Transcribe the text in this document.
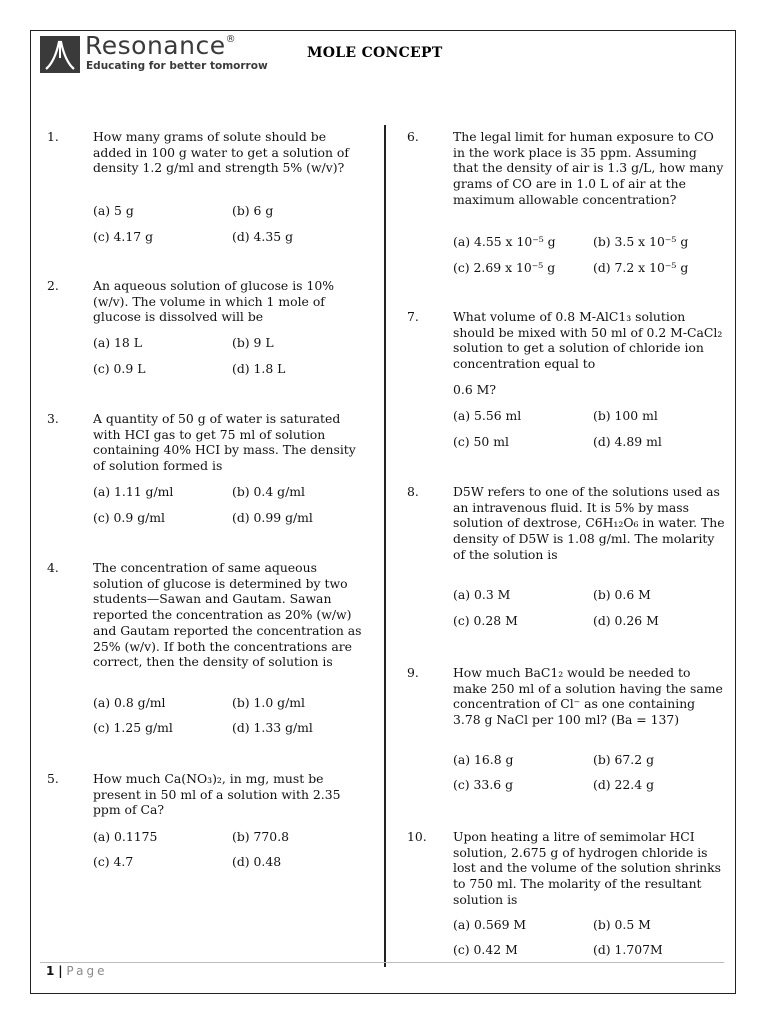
Resonance®
Educating for better tomorrow
MOLE CONCEPT
1.	How many grams of solute should be added in 100 g water to get a solution of density 1.2 g/ml and strength 5% (w/v)?
(a) 5 g	(b) 6 g
(c) 4.17 g	(d) 4.35 g
2.	An aqueous solution of glucose is 10% (w/v). The volume in which 1 mole of glucose is dissolved will be
(a) 18 L	(b) 9 L
(c) 0.9 L	(d) 1.8 L
3.	A quantity of 50 g of water is saturated with HCI gas to get 75 ml of solution containing 40% HCI by mass. The density of solution formed is
(a) 1.11 g/ml	(b) 0.4 g/ml
(c) 0.9 g/ml	(d) 0.99 g/ml
4.	The concentration of same aqueous solution of glucose is determined by two students—Sawan and Gautam. Sawan reported the concentration as 20% (w/w) and Gautam reported the concentration as 25% (w/v). If both the concentrations are correct, then the density of solution is
(a) 0.8 g/ml	(b) 1.0 g/ml
(c) 1.25 g/ml	(d) 1.33 g/ml
5.	How much Ca(NO₃)₂, in mg, must be present in 50 ml of a solution with 2.35 ppm of Ca?
(a) 0.1175	(b) 770.8
(c) 4.7	(d) 0.48
6.	The legal limit for human exposure to CO in the work place is 35 ppm. Assuming that the density of air is 1.3 g/L, how many grams of CO are in 1.0 L of air at the maximum allowable concentration?
(a) 4.55 x 10⁻⁵ g	(b) 3.5 x 10⁻⁵ g
(c) 2.69 x 10⁻⁵ g	(d) 7.2 x 10⁻⁵ g
7.	What volume of 0.8 M-AlC1₃ solution should be mixed with 50 ml of 0.2 M-CaCl₂ solution to get a solution of chloride ion concentration equal to
0.6 M?
(a) 5.56 ml	(b) 100 ml
(c) 50 ml	(d) 4.89 ml
8.	D5W refers to one of the solutions used as an intravenous fluid. It is 5% by mass solution of dextrose, C6H₁₂O₆ in water. The density of D5W is 1.08 g/ml. The molarity of the solution is
(a) 0.3 M	(b) 0.6 M
(c) 0.28 M	(d) 0.26 M
9.	How much BaC1₂ would be needed to make 250 ml of a solution having the same concentration of Cl⁻ as one containing 3.78 g NaCl per 100 ml? (Ba = 137)
(a) 16.8 g	(b) 67.2 g
(c) 33.6 g	(d) 22.4 g
10. Upon heating a litre of semimolar HCI solution, 2.675 g of hydrogen chloride is lost and the volume of the solution shrinks to 750 ml. The molarity of the resultant solution is
(a) 0.569 M	(b) 0.5 M
(c) 0.42 M	(d) 1.707M
1 | Page
